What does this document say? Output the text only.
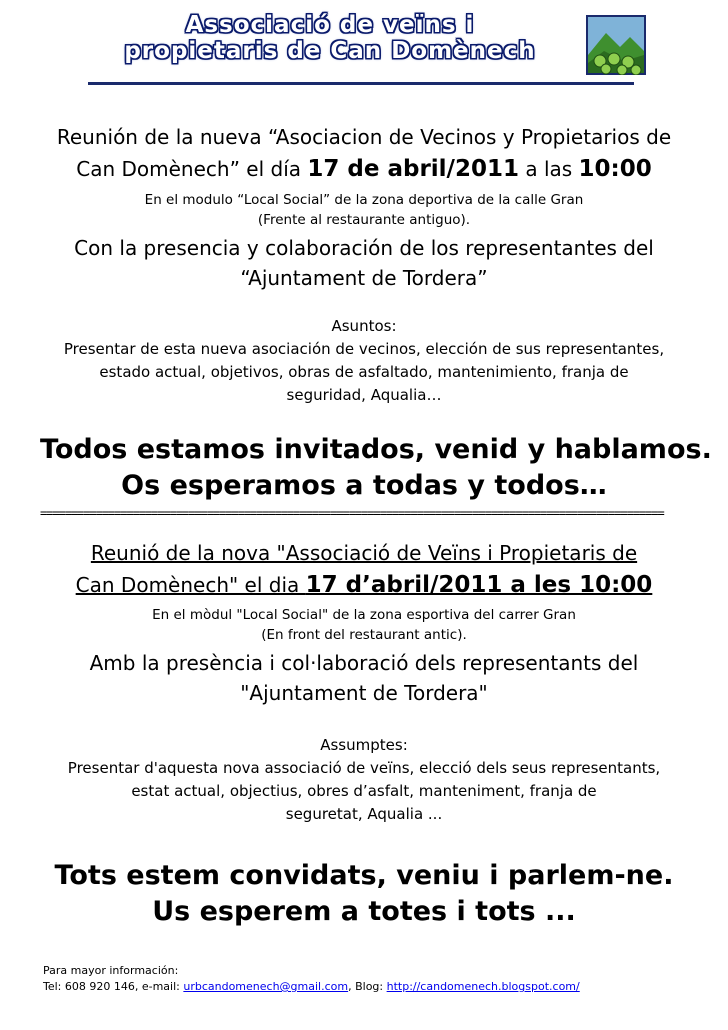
Associació de veïns i
propietaris de Can Domènech
Reunión de la nueva “Asociacion de Vecinos y Propietarios de
Can Domènech” el día 17 de abril/2011 a las 10:00
En el modulo “Local Social” de la zona deportiva de la calle Gran
(Frente al restaurante antiguo).
Con la presencia y colaboración de los representantes del
“Ajuntament de Tordera”
Asuntos:
Presentar de esta nueva asociación de vecinos, elección de sus representantes,
estado actual, objetivos, obras de asfaltado, mantenimiento, franja de
seguridad, Aqualia…
Todos estamos invitados, venid y hablamos.
Os esperamos a todas y todos…
=====================================================================================================
Reunió de la nova "Associació de Veïns i Propietaris de
Can Domènech" el dia 17 d’abril/2011 a les 10:00
En el mòdul "Local Social" de la zona esportiva del carrer Gran
(En front del restaurant antic).
Amb la presència i col·laboració dels representants del
"Ajuntament de Tordera"
Assumptes:
Presentar d'aquesta nova associació de veïns, elecció dels seus representants,
estat actual, objectius, obres d’asfalt, manteniment, franja de
seguretat, Aqualia ...
Tots estem convidats, veniu i parlem-ne.
Us esperem a totes i tots ...
Para mayor información:
Tel: 608 920 146, e-mail: urbcandomenech@gmail.com, Blog: http://candomenech.blogspot.com/
